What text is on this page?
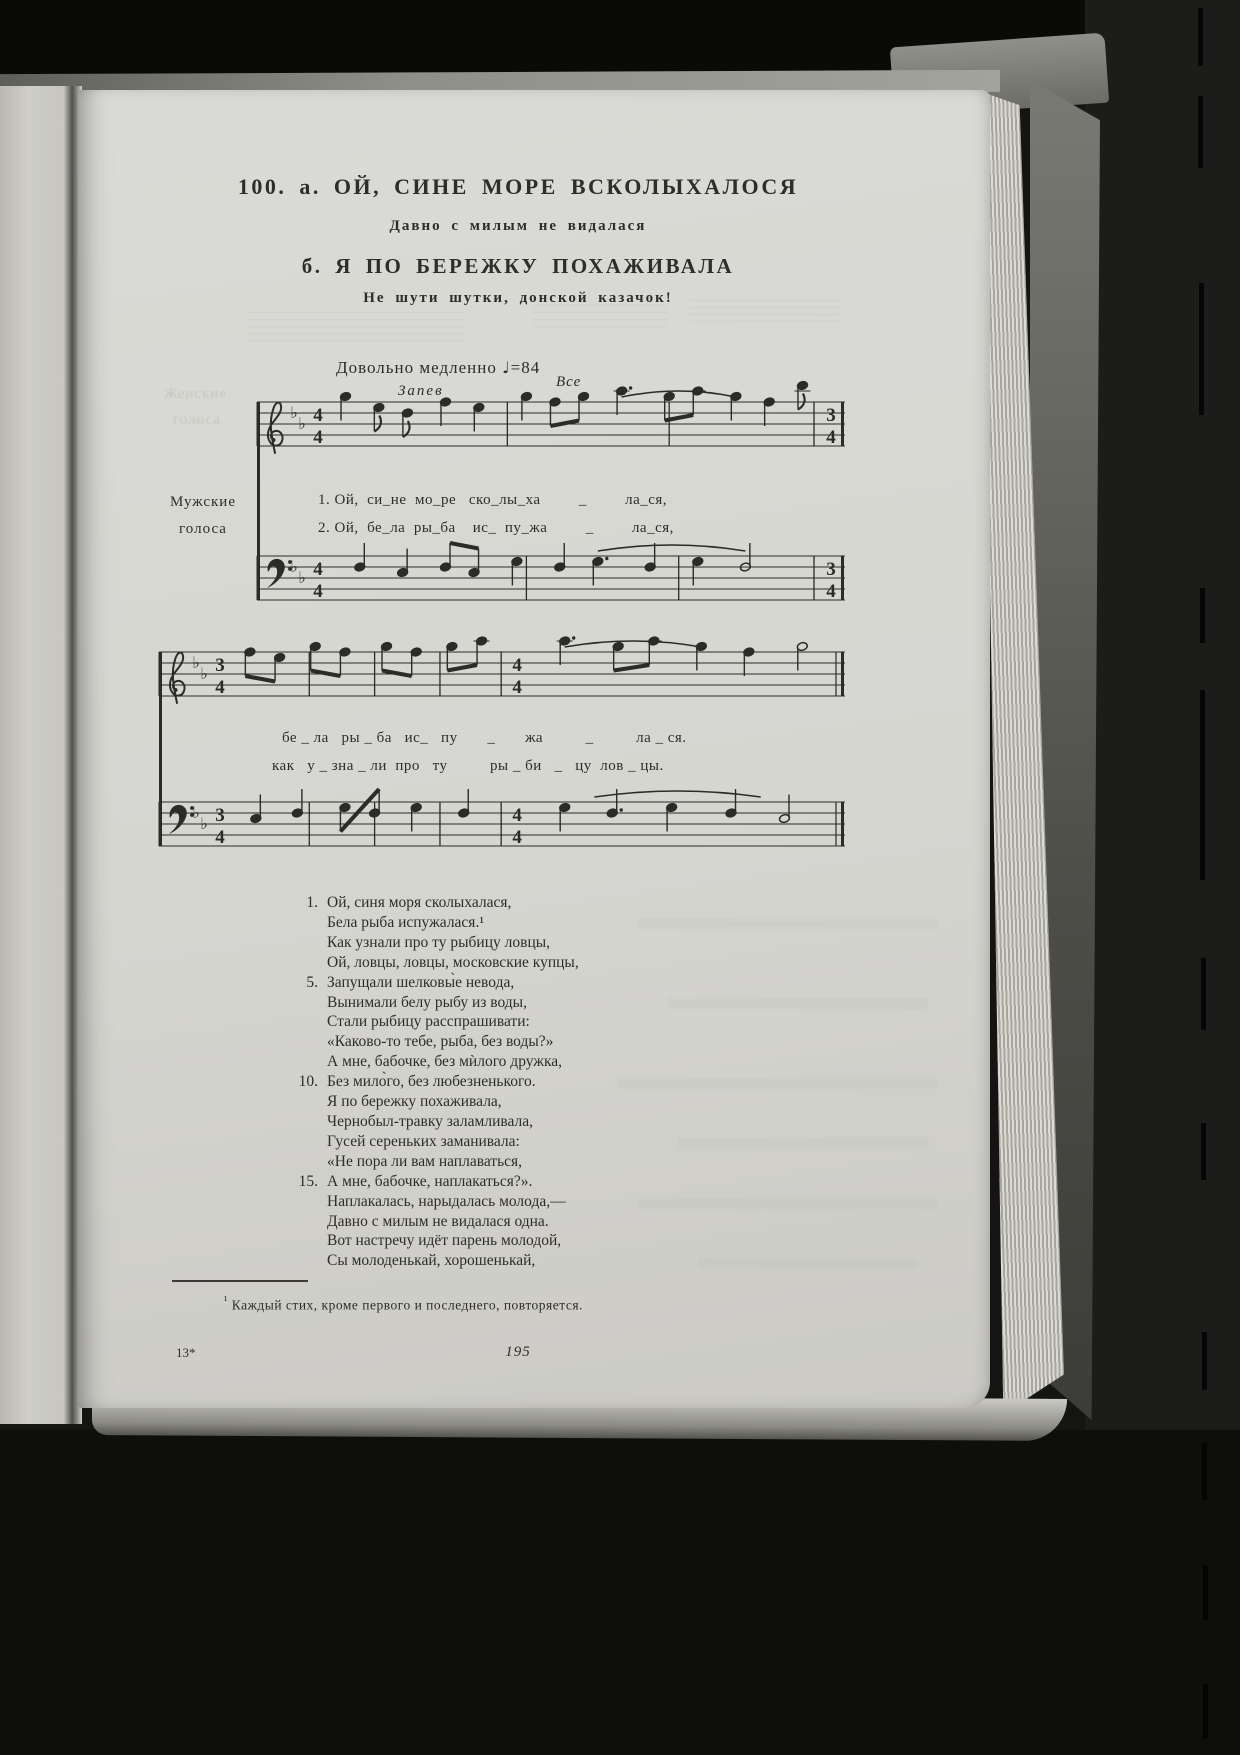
100. а. ОЙ, СИНЕ МОРЕ ВСКОЛЫХАЛОСЯ
Давно с милым не видалася
б. Я ПО БЕРЕЖКУ ПОХАЖИВАЛА
Не шути шутки, донской казачок!
Женские
голоса
Довольно медленно ♩=84
Запев
Все
Мужские
голоса
♭
♭ 4
4
3
4
♭
♭ 4
4
3
4
♭
♭ 3
4
4
4
♭
♭ 3
4
4
4
1. Ой,  си_не  мо_ре   ско_лы_ха         _         ла_ся,
2. Ой,  бе_ла  ры_ба    ис_  пу_жа         _         ла_ся,
бе _ ла   ры _ ба   ис_   пу       _       жа          _          ла _ ся.
как   у _ зна _ ли  про   ту          ры _ би   _   цу  лов _ цы.
1. Ой, синя моря сколыхалася,
Бела рыба испужалася.¹
Как узнали про ту рыбицу ловцы,
Ой, ловцы, ловцы, московские купцы,
5. Запущали шелковы̀е невода,
Вынимали белу рыбу из воды,
Стали рыбицу расспрашивати:
«Каково-то тебе, рыба, без воды?»
А мне, бабочке, без мѝлого дружка,
10. Без мило̀го, без любезненького.
Я по бережку похаживала,
Чернобыл-травку заламливала,
Гусей сереньких заманивала:
«Не пора ли вам наплаваться,
15. А мне, бабочке, наплакаться?».
Наплакалась, нарыдалась молода,—
Давно с милым не видалася одна.
Вот настречу идёт парень молодой,
Сы молоденькай, хорошенькай,
$^{^1}$ Каждый стих, кроме первого и последнего, повторяется.
13*	195
